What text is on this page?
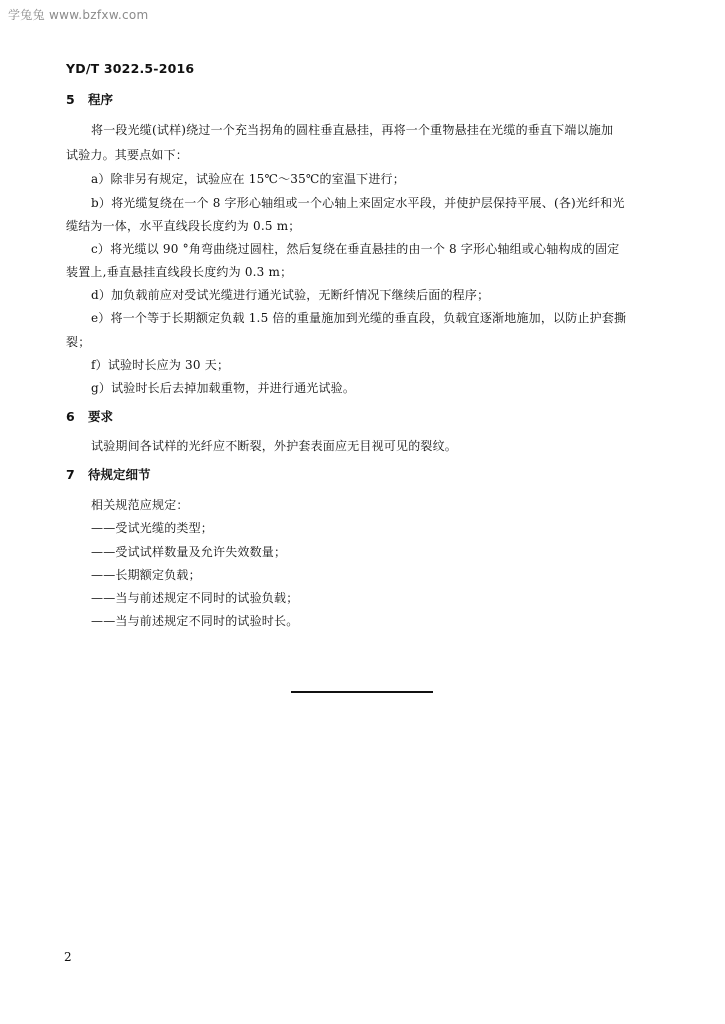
学兔兔 www.bzfxw.com
YD/T 3022.5-2016
5 程序
将一段光缆(试样)绕过一个充当拐角的圆柱垂直悬挂，再将一个重物悬挂在光缆的垂直下端以施加
试验力。其要点如下：
a）除非另有规定，试验应在 15℃～35℃的室温下进行；
b）将光缆复绕在一个 8 字形心轴组或一个心轴上来固定水平段，并使护层保持平展、(各)光纤和光
缆结为一体，水平直线段长度约为 0.5 m；
c）将光缆以 90 °角弯曲绕过圆柱，然后复绕在垂直悬挂的由一个 8 字形心轴组或心轴构成的固定
装置上,垂直悬挂直线段长度约为 0.3 m；
d）加负载前应对受试光缆进行通光试验，无断纤情况下继续后面的程序；
e）将一个等于长期额定负载 1.5 倍的重量施加到光缆的垂直段，负载宜逐渐地施加，以防止护套撕
裂；
f）试验时长应为 30 天；
g）试验时长后去掉加载重物，并进行通光试验。
6 要求
试验期间各试样的光纤应不断裂，外护套表面应无目视可见的裂纹。
7 待规定细节
相关规范应规定：
——受试光缆的类型；
——受试试样数量及允许失效数量；
——长期额定负载；
——当与前述规定不同时的试验负载；
——当与前述规定不同时的试验时长。
2
